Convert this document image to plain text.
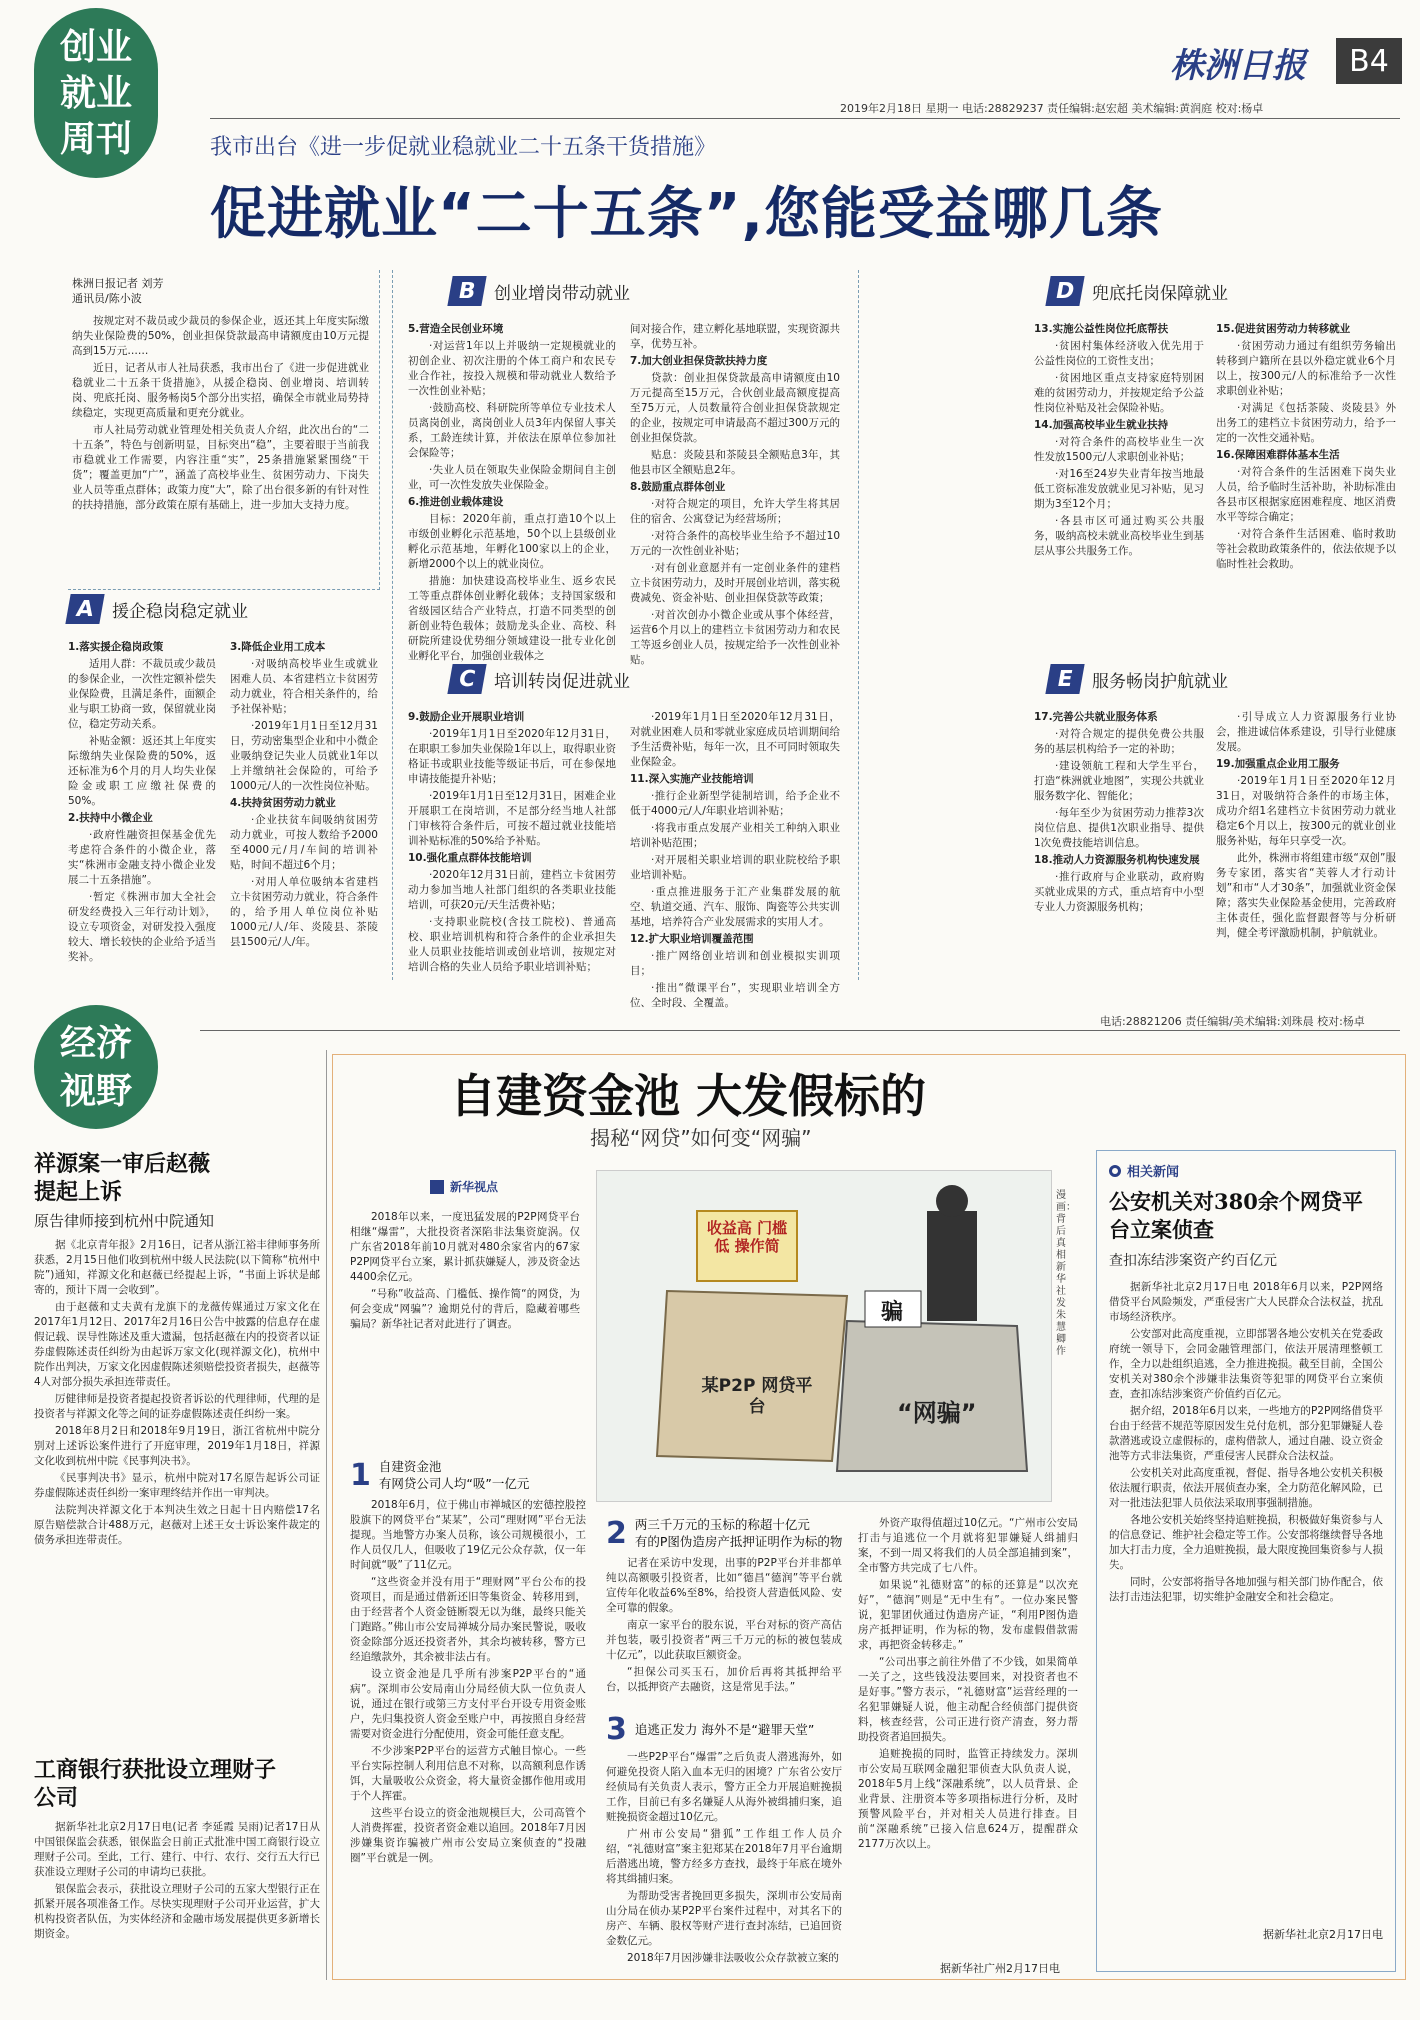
创业
就业
周刊
株洲日报	B4
2019年2月18日 星期一 电话:28829237 责任编辑:赵宏超 美术编辑:黄润庭 校对:杨卓
我市出台《进一步促就业稳就业二十五条干货措施》
促进就业“二十五条”,您能受益哪几条
株洲日报记者 刘芳
通讯员/陈小波

按规定对不裁员或少裁员的参保企业，返还其上年度实际缴纳失业保险费的50%，创业担保贷款最高申请额度由10万元提高到15万元……

近日，记者从市人社局获悉，我市出台了《进一步促进就业稳就业二十五条干货措施》，从援企稳岗、创业增岗、培训转岗、兜底托岗、服务畅岗5个部分出实招，确保全市就业局势持续稳定，实现更高质量和更充分就业。

市人社局劳动就业管理处相关负责人介绍，此次出台的“二十五条”，特色与创新明显，目标突出“稳”，主要着眼于当前我市稳就业工作需要，内容注重“实”，25条措施紧紧围绕“干货”；覆盖更加“广”，涵盖了高校毕业生、贫困劳动力、下岗失业人员等重点群体；政策力度“大”，除了出台很多新的有针对性的扶持措施，部分政策在原有基础上，进一步加大支持力度。

A 援企稳岗稳定就业

1.落实援企稳岗政策

适用人群：不裁员或少裁员的参保企业，一次性定额补偿失业保险费，且满足条件，面额企业与职工协商一致，保留就业岗位，稳定劳动关系。

补贴金额：返还其上年度实际缴纳失业保险费的50%，返还标准为6个月的月人均失业保险金或职工应缴社保费的50%。

2.扶持中小微企业

·政府性融资担保基金优先考虑符合条件的小微企业，落实“株洲市金融支持小微企业发展二十五条措施”。

·暂定《株洲市加大全社会研发经费投入三年行动计划》，设立专项资金，对研发投入强度较大、增长较快的企业给予适当奖补。

3.降低企业用工成本

·对吸纳高校毕业生或就业困难人员、本省建档立卡贫困劳动力就业，符合相关条件的，给予社保补贴；

·2019年1月1日至12月31日，劳动密集型企业和中小微企业吸纳登记失业人员就业1年以上并缴纳社会保险的，可给予1000元/人的一次性岗位补贴。

4.扶持贫困劳动力就业

·企业扶贫车间吸纳贫困劳动力就业，可按人数给予2000至4000元/月/车间的培训补贴，时间不超过6个月；

·对用人单位吸纳本省建档立卡贫困劳动力就业，符合条件的，给予用人单位岗位补贴1000元/人/年、炎陵县、茶陵县1500元/人/年。

B 创业增岗带动就业

5.营造全民创业环境

·对运营1年以上并吸纳一定规模就业的初创企业、初次注册的个体工商户和农民专业合作社，按投入规模和带动就业人数给予一次性创业补贴；

·鼓励高校、科研院所等单位专业技术人员离岗创业，离岗创业人员3年内保留人事关系，工龄连续计算，并依法在原单位参加社会保险等；

·失业人员在领取失业保险金期间自主创业，可一次性发放失业保险金。

6.推进创业载体建设

目标：2020年前，重点打造10个以上市级创业孵化示范基地，50个以上县级创业孵化示范基地，年孵化100家以上的企业，新增2000个以上的就业岗位。

措施：加快建设高校毕业生、返乡农民工等重点群体创业孵化载体；支持国家级和省级园区结合产业特点，打造不同类型的创新创业特色载体；鼓励龙头企业、高校、科研院所建设优势细分领域建设一批专业化创业孵化平台，加强创业载体之

间对接合作，建立孵化基地联盟，实现资源共享，优势互补。

7.加大创业担保贷款扶持力度

贷款：创业担保贷款最高申请额度由10万元提高至15万元，合伙创业最高额度提高至75万元，人员数量符合创业担保贷款规定的企业，按规定可申请最高不超过300万元的创业担保贷款。

贴息：炎陵县和茶陵县全额贴息3年，其他县市区全额贴息2年。

8.鼓励重点群体创业

·对符合规定的项目，允许大学生将其居住的宿舍、公寓登记为经营场所；

·对符合条件的高校毕业生给予不超过10万元的一次性创业补贴；

·对有创业意愿并有一定创业条件的建档立卡贫困劳动力，及时开展创业培训，落实税费减免、资金补贴、创业担保贷款等政策；

·对首次创办小微企业或从事个体经营，运营6个月以上的建档立卡贫困劳动力和农民工等返乡创业人员，按规定给予一次性创业补贴。

C 培训转岗促进就业

9.鼓励企业开展职业培训

·2019年1月1日至2020年12月31日，在职职工参加失业保险1年以上，取得职业资格证书或职业技能等级证书后，可在参保地申请技能提升补贴；

·2019年1月1日至12月31日，困难企业开展职工在岗培训，不足部分经当地人社部门审核符合条件后，可按不超过就业技能培训补贴标准的50%给予补贴。

10.强化重点群体技能培训

·2020年12月31日前，建档立卡贫困劳动力参加当地人社部门组织的各类职业技能培训，可获20元/天生活费补贴；

·支持职业院校(含技工院校)、普通高校、职业培训机构和符合条件的企业承担失业人员职业技能培训或创业培训，按规定对培训合格的失业人员给予职业培训补贴；

·2019年1月1日至2020年12月31日，对就业困难人员和零就业家庭成员培训期间给予生活费补贴，每年一次，且不可同时领取失业保险金。

11.深入实施产业技能培训

·推行企业新型学徒制培训，给予企业不低于4000元/人/年职业培训补贴；

·将我市重点发展产业相关工种纳入职业培训补贴范围；

·对开展相关职业培训的职业院校给予职业培训补贴。

·重点推进服务于汇产业集群发展的航空、轨道交通、汽车、服饰、陶瓷等公共实训基地，培养符合产业发展需求的实用人才。

12.扩大职业培训覆盖范围

·推广网络创业培训和创业模拟实训项目；

·推出“微课平台”，实现职业培训全方位、全时段、全覆盖。

D 兜底托岗保障就业

13.实施公益性岗位托底帮扶

·贫困村集体经济收入优先用于公益性岗位的工资性支出；

·贫困地区重点支持家庭特别困难的贫困劳动力，并按规定给予公益性岗位补贴及社会保险补贴。

14.加强高校毕业生就业扶持

·对符合条件的高校毕业生一次性发放1500元/人求职创业补贴；

·对16至24岁失业青年按当地最低工资标准发放就业见习补贴，见习期为3至12个月；

·各县市区可通过购买公共服务，吸纳高校未就业高校毕业生到基层从事公共服务工作。

15.促进贫困劳动力转移就业

·贫困劳动力通过有组织劳务输出转移到户籍所在县以外稳定就业6个月以上，按300元/人的标准给予一次性求职创业补贴；

·对满足《包括茶陵、炎陵县》外出务工的建档立卡贫困劳动力，给予一定的一次性交通补贴。

16.保障困难群体基本生活

·对符合条件的生活困难下岗失业人员，给予临时生活补助，补助标准由各县市区根据家庭困难程度、地区消费水平等综合确定；

·对符合条件生活困难、临时救助等社会救助政策条件的，依法依规予以临时性社会救助。

E	服务畅岗护航就业

17.完善公共就业服务体系

·对符合规定的提供免费公共服务的基层机构给予一定的补助；

·建设领航工程和大学生平台，打造“株洲就业地图”，实现公共就业服务数字化、智能化；

·每年至少为贫困劳动力推荐3次岗位信息、提供1次职业指导、提供1次免费技能培训信息。

18.推动人力资源服务机构快速发展

·推行政府与企业联动，政府购买就业成果的方式，重点培育中小型专业人力资源服务机构；

·引导成立人力资源服务行业协会，推进诚信体系建设，引导行业健康发展。

19.加强重点企业用工服务

·2019年1月1日至2020年12月31日，对吸纳符合条件的市场主体，成功介绍1名建档立卡贫困劳动力就业稳定6个月以上，按300元的就业创业服务补贴，每年只享受一次。

此外，株洲市将组建市级“双创”服务专家团，落实省“芙蓉人才行动计划”和市“人才30条”，加强就业资金保障；落实失业保险基金使用，完善政府主体责任，强化监督跟督等与分析研判，健全考评激励机制，护航就业。

经济
视野
电话:28821206 责任编辑/美术编辑:刘珠晨 校对:杨卓
祥源案一审后赵薇提起上诉
原告律师接到杭州中院通知

据《北京青年报》2月16日，记者从浙江裕丰律师事务所获悉，2月15日他们收到杭州中级人民法院(以下简称“杭州中院”)通知，祥源文化和赵薇已经提起上诉，“书面上诉状是邮寄的，预计下周一会收到”。

由于赵薇和丈夫黄有龙旗下的龙薇传媒通过万家文化在2017年1月12日、2017年2月16日公告中披露的信息存在虚假记载、误导性陈述及重大遗漏，包括赵薇在内的投资者以证券虚假陈述责任纠纷为由起诉万家文化(现祥源文化)，杭州中院作出判决，万家文化因虚假陈述须赔偿投资者损失，赵薇等4人对部分损失承担连带责任。

厉健律师是投资者提起投资者诉讼的代理律师，代理的是投资者与祥源文化等之间的证券虚假陈述责任纠纷一案。

2018年8月2日和2018年9月19日，浙江省杭州中院分别对上述诉讼案件进行了开庭审理，2019年1月18日，祥源文化收到杭州中院《民事判决书》。

《民事判决书》显示，杭州中院对17名原告起诉公司证券虚假陈述责任纠纷一案审理终结并作出一审判决。

法院判决祥源文化于本判决生效之日起十日内赔偿17名原告赔偿款合计488万元，赵薇对上述王女士诉讼案件裁定的债务承担连带责任。

工商银行获批设立理财子公司

据新华社北京2月17日电(记者 李延霞 吴雨)记者17日从中国银保监会获悉，银保监会日前正式批准中国工商银行设立理财子公司。至此，工行、建行、中行、农行、交行五大行已获准设立理财子公司的申请均已获批。

银保监会表示，获批设立理财子公司的五家大型银行正在抓紧开展各项准备工作。尽快实现理财子公司开业运营，扩大机构投资者队伍，为实体经济和金融市场发展提供更多新增长期资金。

自建资金池 大发假标的
揭秘“网贷”如何变“网骗”
新华视点

2018年以来，一度迅猛发展的P2P网贷平台相继“爆雷”，大批投资者深陷非法集资旋涡。仅广东省2018年前10月就对480余家省内的67家P2P网贷平台立案，累计抓获嫌疑人，涉及资金达4400余亿元。

“号称”收益高、门槛低、操作简“的网贷，为何会变成“网骗”？逾期兑付的背后，隐藏着哪些骗局？新华社记者对此进行了调查。

收益高 门槛低 操作简
某P2P 网贷平台	“网骗”
骗
漫画：背后真相 新华社发 朱慧卿 作
1 自建资金池
有网贷公司人均“吸”一亿元

2018年6月，位于佛山市禅城区的宏德控股控股旗下的网贷平台“某某”，公司“理财网”平台无法提现。当地警方办案人员称，该公司规模很小，工作人员仅几人，但吸收了19亿元公众存款，仅一年时间就“吸”了11亿元。

“这些资金并没有用于“理财网”平台公布的投资项目，而是通过借新还旧等集资金、转移用到，由于经营者个人资金链断裂无以为继，最终只能关门跑路。”佛山市公安局禅城分局办案民警说，吸收资金除部分返还投资者外，其余均被转移，警方已经追缴款外，其余被非法占有。

设立资金池是几乎所有涉案P2P平台的“通病”。深圳市公安局南山分局经侦大队一位负责人说，通过在银行或第三方支付平台开设专用资金账户，先归集投资人资金至账户中，再按照自身经营需要对资金进行分配使用，资金可能任意支配。

不少涉案P2P平台的运营方式触目惊心。一些平台实际控制人利用信息不对称，以高额利息作诱饵，大量吸收公众资金，将大量资金挪作他用或用于个人挥霍。

这些平台设立的资金池规模巨大，公司高管个人消费挥霍，投资者资金难以追回。2018年7月因涉嫌集资诈骗被广州市公安局立案侦查的“投融圈”平台就是一例。

2 两三千万元的玉标的称超十亿元
有的P图伪造房产抵押证明作为标的物

记者在采访中发现，出事的P2P平台并非都单纯以高额吸引投资者，比如“德昌“德润”等平台就宣传年化收益6%至8%，给投资人营造低风险、安全可靠的假象。

南京一家平台的股东说，平台对标的资产高估并包装，吸引投资者“两三千万元的标的被包装成十亿元”，以此获取巨额资金。

“担保公司买玉石，加价后再将其抵押给平台，以抵押资产去融资，这是常见手法。”

3 追逃正发力 海外不是“避罪天堂”

一些P2P平台“爆雷”之后负责人潜逃海外，如何避免投资人陷入血本无归的困境？广东省公安厅经侦局有关负责人表示，警方正全力开展追赃挽损工作，目前已有多名嫌疑人从海外被缉捕归案，追赃挽损资金超过10亿元。

广州市公安局“猎狐”工作组工作人员介绍，“礼德财富”案主犯郑某在2018年7月平台逾期后潜逃出境，警方经多方查找，最终于年底在境外将其缉捕归案。

为帮助受害者挽回更多损失，深圳市公安局南山分局在侦办某P2P平台案件过程中，对其名下的房产、车辆、股权等财产进行查封冻结，已追回资金数亿元。

2018年7月因涉嫌非法吸收公众存款被立案的

外资产取得值超过10亿元。“广州市公安局打击与追逃位一个月就将犯罪嫌疑人缉捕归案，不到一周又将我们的人员全部追捕到案”，全市警方共完成了七八件。

如果说“礼德财富”的标的还算是“以次充好”，“德润”则是“无中生有”。一位办案民警说，犯罪团伙通过伪造房产证，“利用P图伪造房产抵押证明，作为标的物，发布虚假借款需求，再把资金转移走。”

“公司出事之前往外借了不少钱，如果简单一关了之，这些钱没法要回来，对投资者也不是好事。”警方表示，“礼德财富”运营经理的一名犯罪嫌疑人说，他主动配合经侦部门提供资料，核查经营，公司正进行资产清查，努力帮助投资者追回损失。

追赃挽损的同时，监管正持续发力。深圳市公安局互联网金融犯罪侦查大队负责人说，2018年5月上线“深融系统”，以人员背景、企业背景、注册资本等多项指标进行分析，及时预警风险平台，并对相关人员进行排查。目前“深融系统”已接入信息624万，提醒群众2177万次以上。

据新华社广州2月17日电
相关新闻
公安机关对380余个网贷平台立案侦查
查扣冻结涉案资产约百亿元

据新华社北京2月17日电 2018年6月以来，P2P网络借贷平台风险频发，严重侵害广大人民群众合法权益，扰乱市场经济秩序。

公安部对此高度重视，立即部署各地公安机关在党委政府统一领导下，会同金融管理部门，依法开展清理整顿工作，全力以赴组织追逃，全力推进挽损。截至目前，全国公安机关对380余个涉嫌非法集资等犯罪的网贷平台立案侦查，查扣冻结涉案资产价值约百亿元。

据介绍，2018年6月以来，一些地方的P2P网络借贷平台由于经营不规范等原因发生兑付危机，部分犯罪嫌疑人卷款潜逃或设立虚假标的，虚构借款人，通过自融、设立资金池等方式非法集资，严重侵害人民群众合法权益。

公安机关对此高度重视，督促、指导各地公安机关积极依法履行职责，依法开展侦查办案，全力防范化解风险，已对一批违法犯罪人员依法采取刑事强制措施。

各地公安机关始终坚持追赃挽损，积极做好集资参与人的信息登记、维护社会稳定等工作。公安部将继续督导各地加大打击力度，全力追赃挽损，最大限度挽回集资参与人损失。

同时，公安部将指导各地加强与相关部门协作配合，依法打击违法犯罪，切实维护金融安全和社会稳定。

据新华社北京2月17日电
